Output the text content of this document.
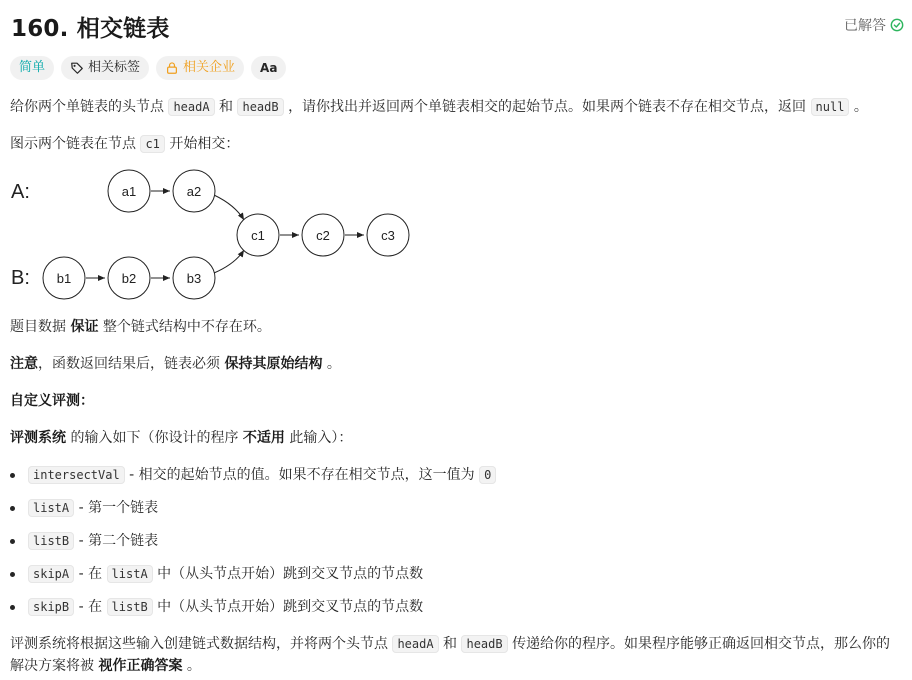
160. 相交链表	已解答
简单	相关标签	相关企业 Aa

给你两个单链表的头节点 headA 和 headB ，请你找出并返回两个单链表相交的起始节点。如果两个链表不存在相交节点，返回 null 。

图示两个链表在节点 c1 开始相交：

A:
B:
a1	a2
c1	c2	c3
b1	b2	b3

题目数据 保证 整个链式结构中不存在环。

注意，函数返回结果后，链表必须 保持其原始结构 。

自定义评测：

评测系统 的输入如下（你设计的程序 不适用 此输入）：

intersectVal - 相交的起始节点的值。如果不存在相交节点，这一值为 0
listA - 第一个链表
listB - 第二个链表
skipA - 在 listA 中（从头节点开始）跳到交叉节点的节点数
skipB - 在 listB 中（从头节点开始）跳到交叉节点的节点数

评测系统将根据这些输入创建链式数据结构，并将两个头节点 headA 和 headB 传递给你的程序。如果程序能够正确返回相交节点，那么你的解决方案将被 视作正确答案 。
